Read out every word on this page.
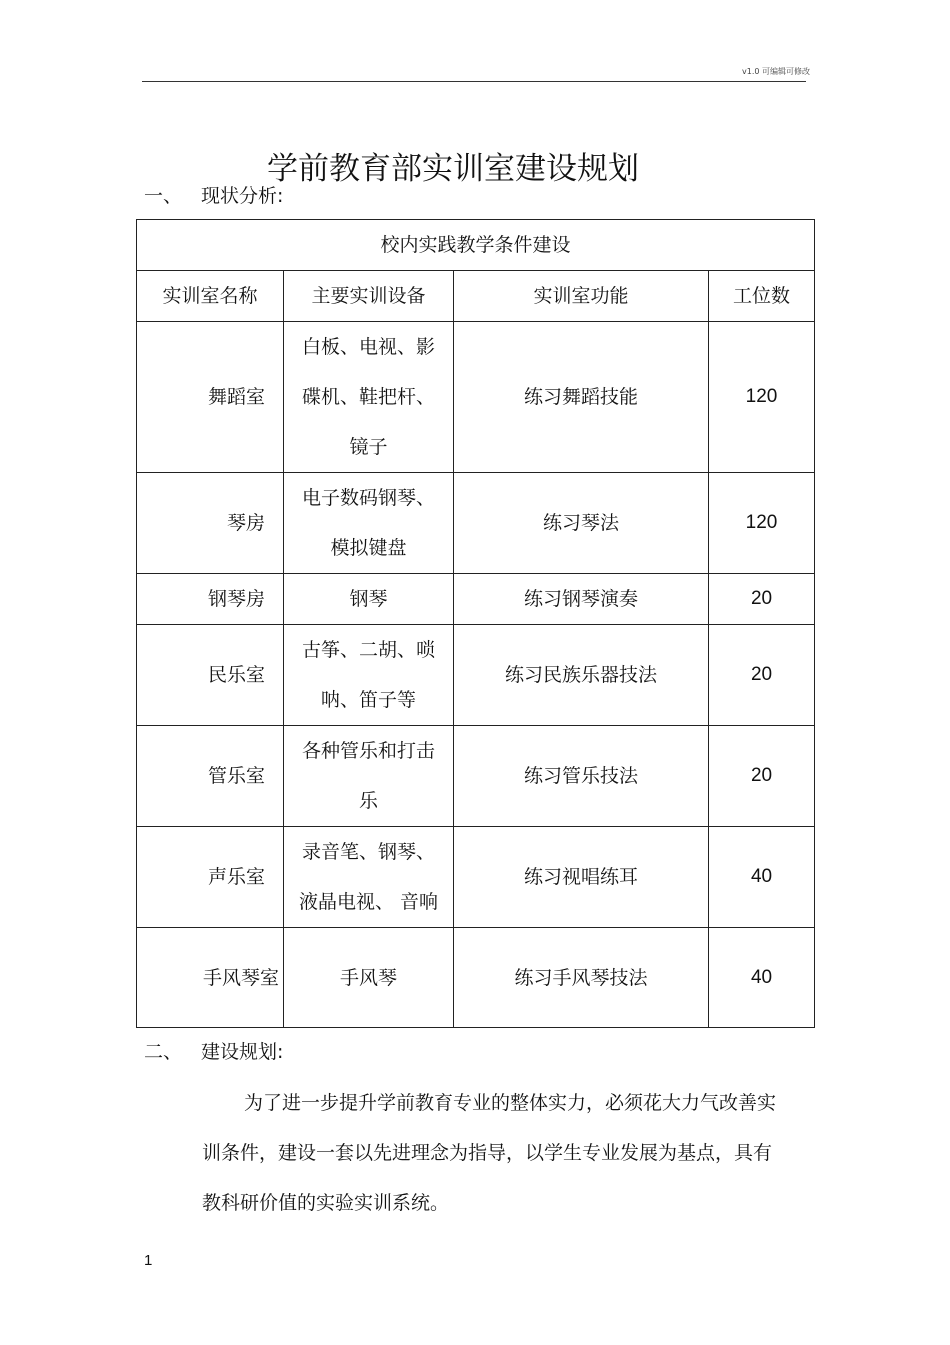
v1.0 可编辑可修改
学前教育部实训室建设规划
一、 现状分析:
校内实践教学条件建设			
实训室名称	主要实训设备	实训室功能	工位数
舞蹈室	白板、电视、影碟机、鞋把杆、镜子	练习舞蹈技能	120
琴房	电子数码钢琴、模拟键盘	练习琴法	120
钢琴房	钢琴	练习钢琴演奏	20
民乐室	古筝、二胡、唢呐、笛子等	练习民族乐器技法	20
管乐室	各种管乐和打击乐	练习管乐技法	20
声乐室	录音笔、钢琴、液晶电视、 音响	练习视唱练耳	40
手风琴室	手风琴	练习手风琴技法	40
二、 建设规划:
为了进一步提升学前教育专业的整体实力，必须花大力气改善实训条件，建设一套以先进理念为指导，以学生专业发展为基点，具有教科研价值的实验实训系统。
1
